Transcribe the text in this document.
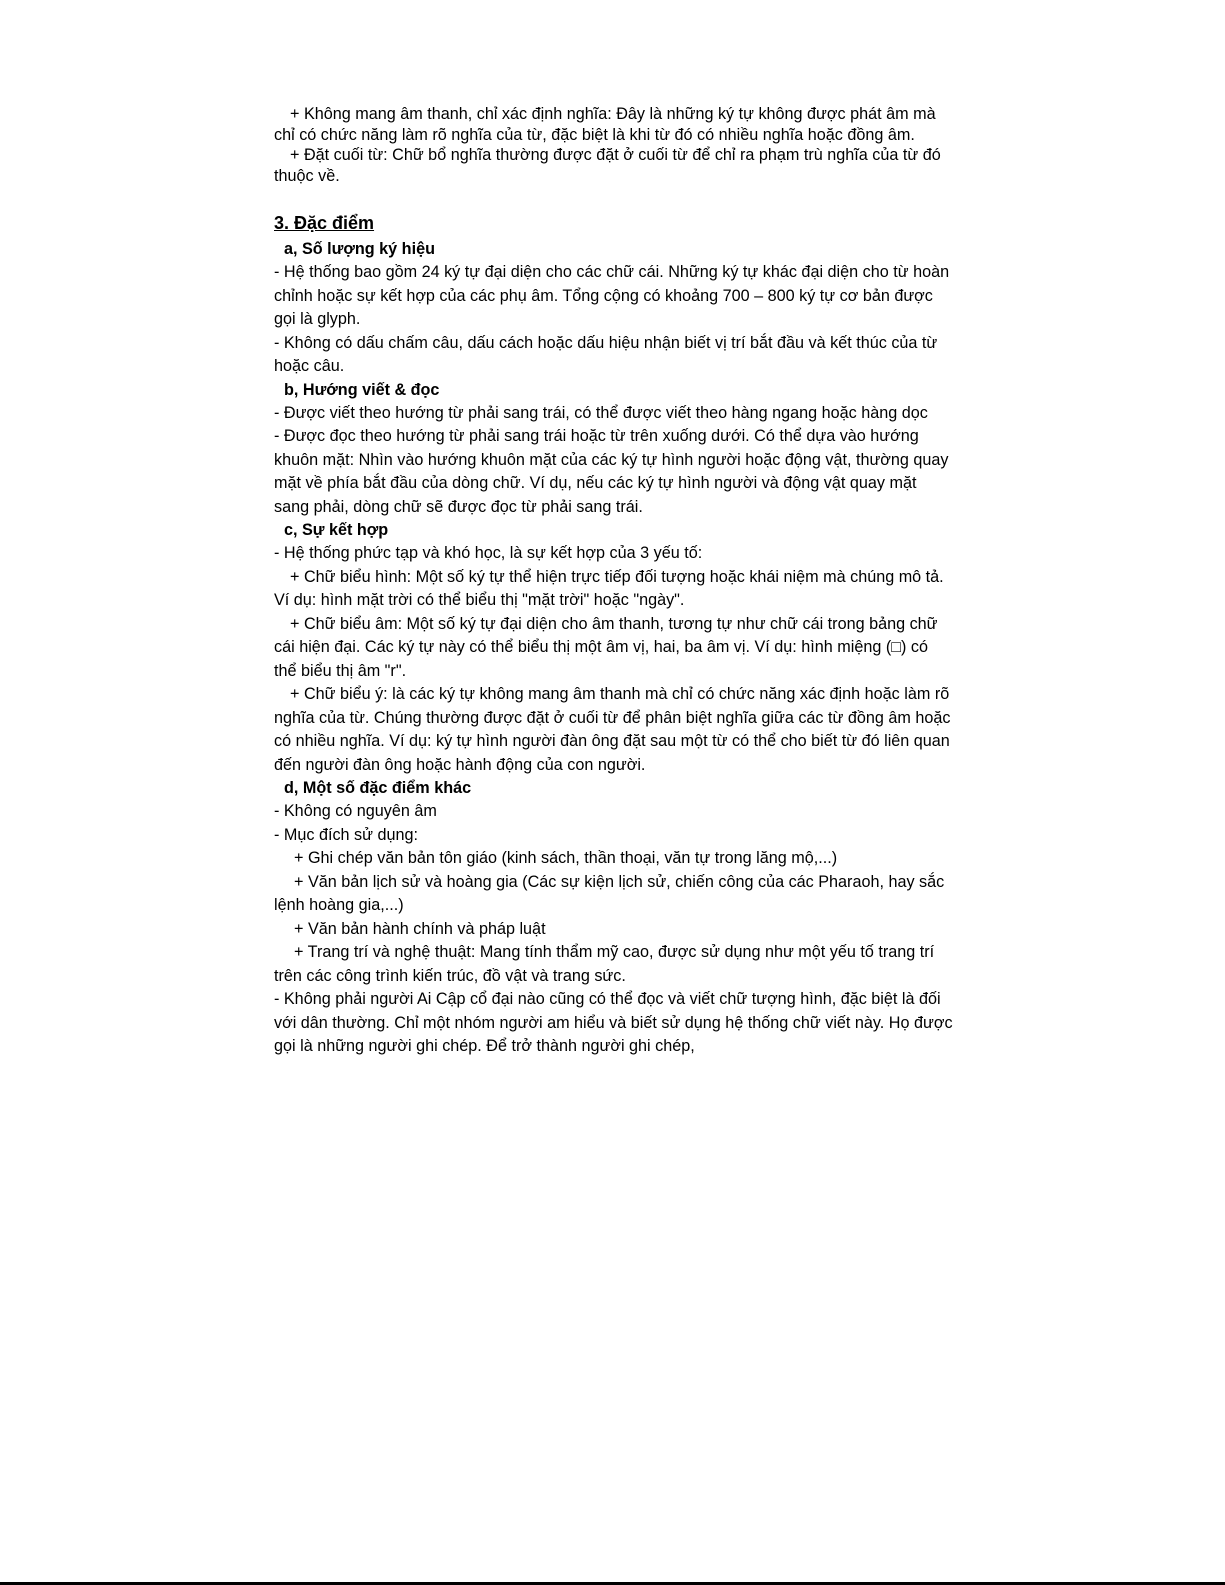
+ Không mang âm thanh, chỉ xác định nghĩa: Đây là những ký tự không được phát âm mà chỉ có chức năng làm rõ nghĩa của từ, đặc biệt là khi từ đó có nhiều nghĩa hoặc đồng âm.

+ Đặt cuối từ: Chữ bổ nghĩa thường được đặt ở cuối từ để chỉ ra phạm trù nghĩa của từ đó thuộc về.

3. Đặc điểm
a, Số lượng ký hiệu

- Hệ thống bao gồm 24 ký tự đại diện cho các chữ cái. Những ký tự khác đại diện cho từ hoàn chỉnh hoặc sự kết hợp của các phụ âm. Tổng cộng có khoảng 700 – 800 ký tự cơ bản được gọi là glyph.

- Không có dấu chấm câu, dấu cách hoặc dấu hiệu nhận biết vị trí bắt đầu và kết thúc của từ hoặc câu.

b, Hướng viết & đọc

- Được viết theo hướng từ phải sang trái, có thể được viết theo hàng ngang hoặc hàng dọc

- Được đọc theo hướng từ phải sang trái hoặc từ trên xuống dưới. Có thể dựa vào hướng khuôn mặt: Nhìn vào hướng khuôn mặt của các ký tự hình người hoặc động vật, thường quay mặt về phía bắt đầu của dòng chữ. Ví dụ, nếu các ký tự hình người và động vật quay mặt sang phải, dòng chữ sẽ được đọc từ phải sang trái.

c, Sự kết hợp

- Hệ thống phức tạp và khó học, là sự kết hợp của 3 yếu tố:

+ Chữ biểu hình: Một số ký tự thể hiện trực tiếp đối tượng hoặc khái niệm mà chúng mô tả. Ví dụ: hình mặt trời có thể biểu thị "mặt trời" hoặc "ngày".

+ Chữ biểu âm: Một số ký tự đại diện cho âm thanh, tương tự như chữ cái trong bảng chữ cái hiện đại. Các ký tự này có thể biểu thị một âm vị, hai, ba âm vị. Ví dụ: hình miệng (□) có thể biểu thị âm "r".

+ Chữ biểu ý: là các ký tự không mang âm thanh mà chỉ có chức năng xác định hoặc làm rõ nghĩa của từ. Chúng thường được đặt ở cuối từ để phân biệt nghĩa giữa các từ đồng âm hoặc có nhiều nghĩa. Ví dụ: ký tự hình người đàn ông đặt sau một từ có thể cho biết từ đó liên quan đến người đàn ông hoặc hành động của con người.

d, Một số đặc điểm khác

- Không có nguyên âm

- Mục đích sử dụng:

+ Ghi chép văn bản tôn giáo (kinh sách, thần thoại, văn tự trong lăng mộ,...)

+ Văn bản lịch sử và hoàng gia (Các sự kiện lịch sử, chiến công của các Pharaoh, hay sắc lệnh hoàng gia,...)

+ Văn bản hành chính và pháp luật

+ Trang trí và nghệ thuật: Mang tính thẩm mỹ cao, được sử dụng như một yếu tố trang trí trên các công trình kiến trúc, đồ vật và trang sức.

- Không phải người Ai Cập cổ đại nào cũng có thể đọc và viết chữ tượng hình, đặc biệt là đối với dân thường. Chỉ một nhóm người am hiểu và biết sử dụng hệ thống chữ viết này. Họ được gọi là những người ghi chép. Để trở thành người ghi chép,
